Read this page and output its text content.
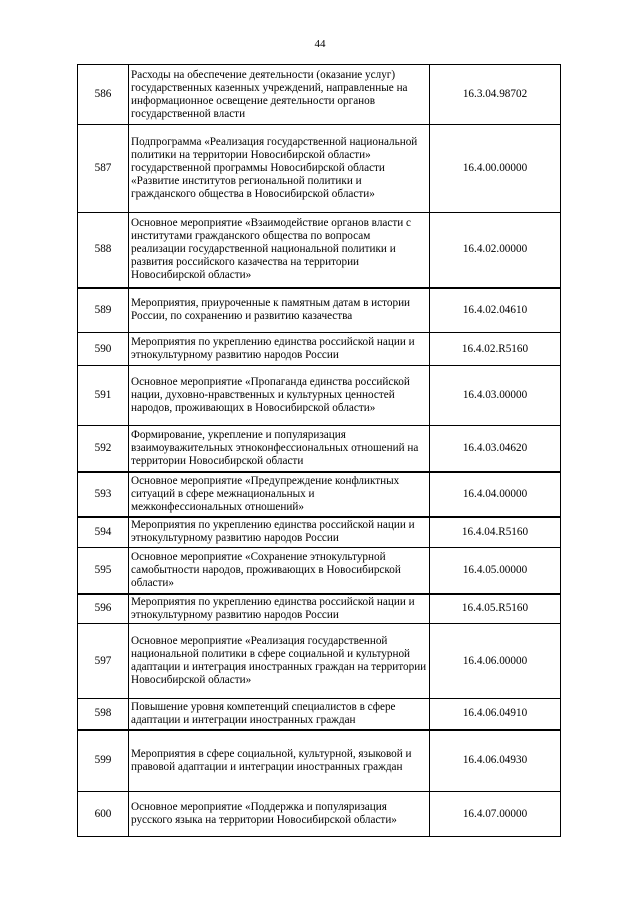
44
586	Расходы на обеспечение деятельности (оказание услуг) государственных казенных учреждений, направленные на информационное освещение деятельности органов государственной власти	16.3.04.98702
587	Подпрограмма «Реализация государственной национальной политики на территории Новосибирской области» государственной программы Новосибирской области «Развитие институтов региональной политики и гражданского общества в Новосибирской области»	16.4.00.00000
588	Основное мероприятие «Взаимодействие органов власти с институтами гражданского общества по вопросам реализации государственной национальной политики и развития российского казачества на территории Новосибирской области»	16.4.02.00000
589	Мероприятия, приуроченные к памятным датам в истории России, по сохранению и развитию казачества	16.4.02.04610
590	Мероприятия по укреплению единства российской нации и этнокультурному развитию народов России	16.4.02.R5160
591	Основное мероприятие «Пропаганда единства российской нации, духовно-нравственных и культурных ценностей народов, проживающих в Новосибирской области»	16.4.03.00000
592	Формирование, укрепление и популяризация взаимоуважительных этноконфессиональных отношений на территории Новосибирской области	16.4.03.04620
593	Основное мероприятие «Предупреждение конфликтных ситуаций в сфере межнациональных и межконфессиональных отношений»	16.4.04.00000
594	Мероприятия по укреплению единства российской нации и этнокультурному развитию народов России	16.4.04.R5160
595	Основное мероприятие «Сохранение этнокультурной самобытности народов, проживающих в Новосибирской области»	16.4.05.00000
596	Мероприятия по укреплению единства российской нации и этнокультурному развитию народов России	16.4.05.R5160
597	Основное мероприятие «Реализация государственной национальной политики в сфере социальной и культурной адаптации и интеграция иностранных граждан на территории Новосибирской области»	16.4.06.00000
598	Повышение уровня компетенций специалистов в сфере адаптации и интеграции иностранных граждан	16.4.06.04910
599	Мероприятия в сфере социальной, культурной, языковой и правовой адаптации и интеграции иностранных граждан	16.4.06.04930
600	Основное мероприятие «Поддержка и популяризация русского языка на территории Новосибирской области»	16.4.07.00000
